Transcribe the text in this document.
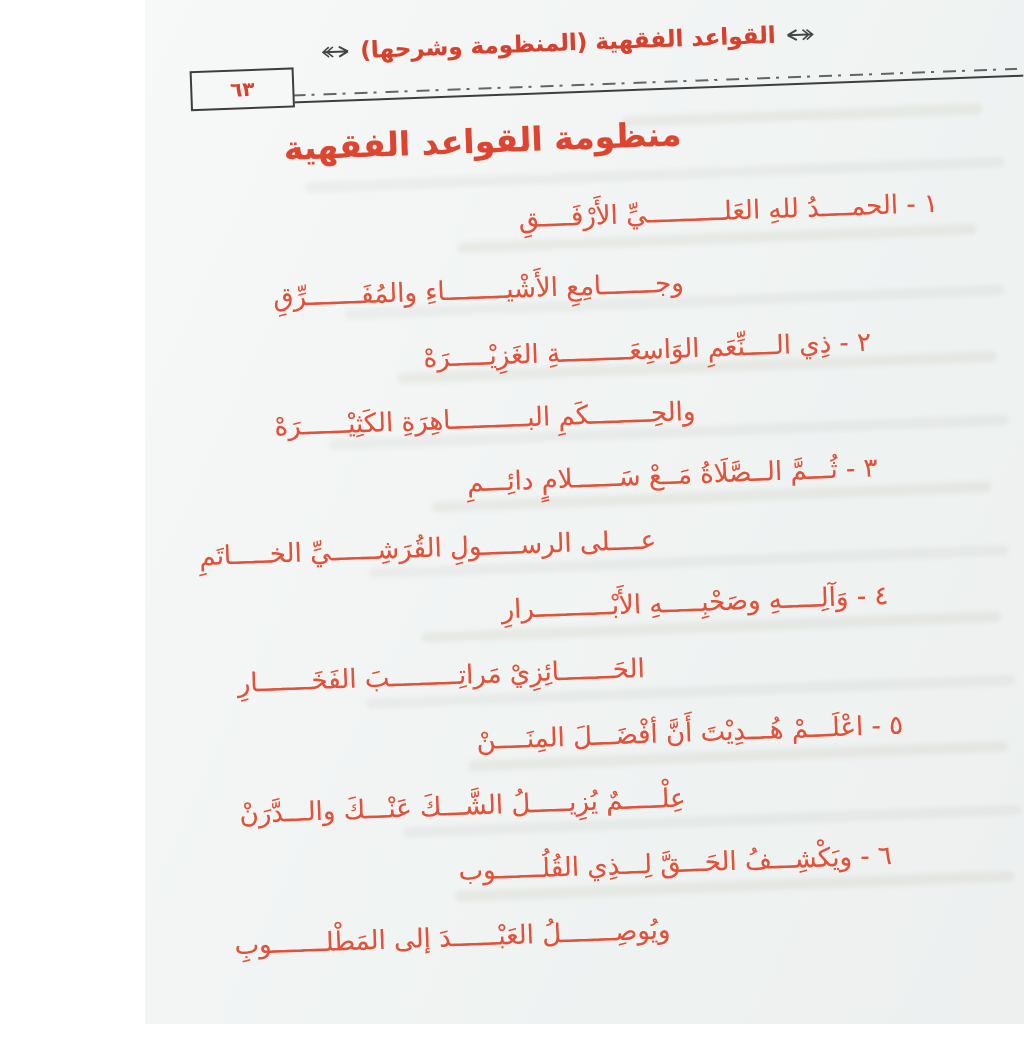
القواعد الفقهية (المنظومة وشرحها)
٦٣
منظومة القواعد الفقهية
١ - الحمــــدُ للهِ العَلــــــــــيِّ الأَرْفَــــقِ
وجـــــــامِعِ الأَشْيــــــــاءِ والمُفَـــــــرِّقِ
٢ - ذِي الــــنِّعَمِ الوَاسِعَـــــــــةِ الغَزِيْـــــرَهْ
والحِــــــــكَمِ البــــــــــاهِرَةِ الكَثِيْــــــرَهْ
٣ - ثُـــمَّ الــصَّلَاةُ مَــعْ سَــــــلامٍ دائِـــمِ
عــــلى الرســـــولِ القُرَشِــــــيِّ الخـــــاتَمِ
٤ - وَآلِـــــهِ وصَحْبِـــــهِ الأَبْــــــــــرارِ
الحَـــــــائِزِيْ مَراتِـــــــــبَ الفَخَـــــــارِ
٥ - اعْلَـــمْ هُـــدِيْتَ أَنَّ أفْضَـــلَ المِنَــــنْ
عِلْـــــمٌ يُزِيـــــلُ الشَّـــكَ عَنْـــكَ والـــدَّرَنْ
٦ - ويَكْشِـــفُ الحَـــقَّ لِـــذِي القُلُــــــوب
ويُوصِـــــــلُ العَبْــــــدَ إلى المَطْلـــــــوبِ
